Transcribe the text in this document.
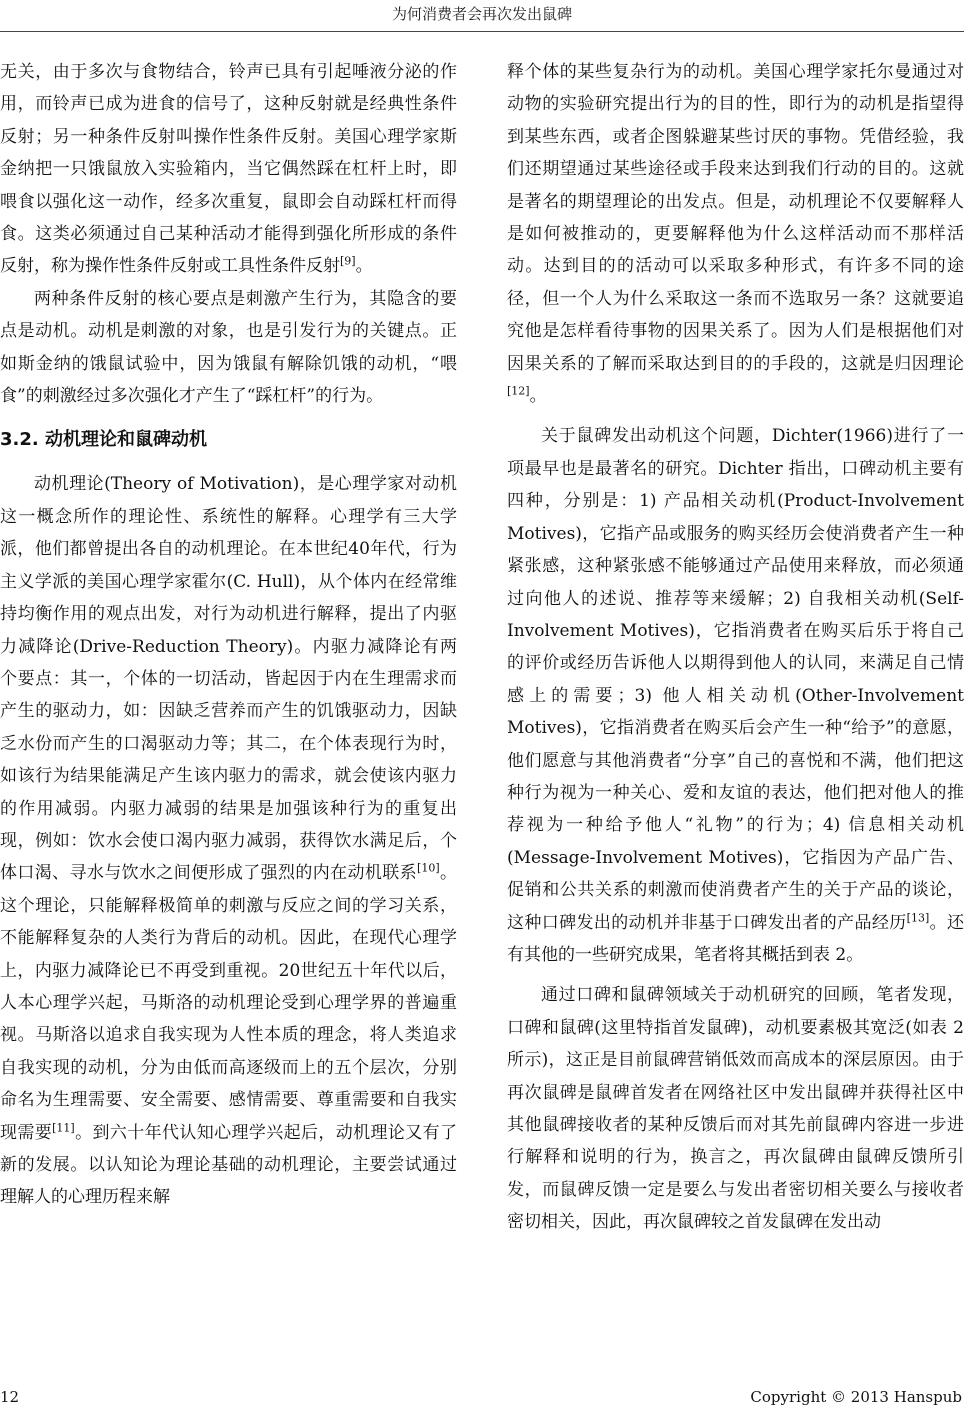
为何消费者会再次发出鼠碑

无关，由于多次与食物结合，铃声已具有引起唾液分泌的作用，而铃声已成为进食的信号了，这种反射就是经典性条件反射；另一种条件反射叫操作性条件反射。美国心理学家斯金纳把一只饿鼠放入实验箱内，当它偶然踩在杠杆上时，即喂食以强化这一动作，经多次重复，鼠即会自动踩杠杆而得食。这类必须通过自己某种活动才能得到强化所形成的条件反射，称为操作性条件反射或工具性条件反射[9]。

两种条件反射的核心要点是刺激产生行为，其隐含的要点是动机。动机是刺激的对象，也是引发行为的关键点。正如斯金纳的饿鼠试验中，因为饿鼠有解除饥饿的动机，“喂食”的刺激经过多次强化才产生了“踩杠杆”的行为。

3.2. 动机理论和鼠碑动机

动机理论(Theory of Motivation)，是心理学家对动机这一概念所作的理论性、系统性的解释。心理学有三大学派，他们都曾提出各自的动机理论。在本世纪40年代，行为主义学派的美国心理学家霍尔(C. Hull)，从个体内在经常维持均衡作用的观点出发，对行为动机进行解释，提出了内驱力减降论(Drive-Reduction Theory)。内驱力减降论有两个要点：其一，个体的一切活动，皆起因于内在生理需求而产生的驱动力，如：因缺乏营养而产生的饥饿驱动力，因缺乏水份而产生的口渴驱动力等；其二，在个体表现行为时，如该行为结果能满足产生该内驱力的需求，就会使该内驱力的作用减弱。内驱力减弱的结果是加强该种行为的重复出现，例如：饮水会使口渴内驱力减弱，获得饮水满足后，个体口渴、寻水与饮水之间便形成了强烈的内在动机联系[10]。这个理论，只能解释极简单的刺激与反应之间的学习关系，不能解释复杂的人类行为背后的动机。因此，在现代心理学上，内驱力减降论已不再受到重视。20世纪五十年代以后，人本心理学兴起，马斯洛的动机理论受到心理学界的普遍重视。马斯洛以追求自我实现为人性本质的理念，将人类追求自我实现的动机，分为由低而高逐级而上的五个层次，分别命名为生理需要、安全需要、感情需要、尊重需要和自我实现需要[11]。到六十年代认知心理学兴起后，动机理论又有了新的发展。以认知论为理论基础的动机理论，主要尝试通过理解人的心理历程来解

释个体的某些复杂行为的动机。美国心理学家托尔曼通过对动物的实验研究提出行为的目的性，即行为的动机是指望得到某些东西，或者企图躲避某些讨厌的事物。凭借经验，我们还期望通过某些途径或手段来达到我们行动的目的。这就是著名的期望理论的出发点。但是，动机理论不仅要解释人是如何被推动的，更要解释他为什么这样活动而不那样活动。达到目的的活动可以采取多种形式，有许多不同的途径，但一个人为什么采取这一条而不选取另一条？这就要追究他是怎样看待事物的因果关系了。因为人们是根据他们对因果关系的了解而采取达到目的的手段的，这就是归因理论[12]。

关于鼠碑发出动机这个问题，Dichter(1966)进行了一项最早也是最著名的研究。Dichter 指出，口碑动机主要有四种，分别是：1) 产品相关动机(Product-Involvement Motives)，它指产品或服务的购买经历会使消费者产生一种紧张感，这种紧张感不能够通过产品使用来释放，而必须通过向他人的述说、推荐等来缓解；2) 自我相关动机(Self-Involvement Motives)，它指消费者在购买后乐于将自己的评价或经历告诉他人以期得到他人的认同，来满足自己情感上的需要；3) 他人相关动机(Other-Involvement Motives)，它指消费者在购买后会产生一种“给予”的意愿，他们愿意与其他消费者“分享”自己的喜悦和不满，他们把这种行为视为一种关心、爱和友谊的表达，他们把对他人的推荐视为一种给予他人“礼物”的行为；4) 信息相关动机(Message-Involvement Motives)，它指因为产品广告、促销和公共关系的刺激而使消费者产生的关于产品的谈论，这种口碑发出的动机并非基于口碑发出者的产品经历[13]。还有其他的一些研究成果，笔者将其概括到表 2。

通过口碑和鼠碑领域关于动机研究的回顾，笔者发现，口碑和鼠碑(这里特指首发鼠碑)，动机要素极其宽泛(如表 2 所示)，这正是目前鼠碑营销低效而高成本的深层原因。由于再次鼠碑是鼠碑首发者在网络社区中发出鼠碑并获得社区中其他鼠碑接收者的某种反馈后而对其先前鼠碑内容进一步进行解释和说明的行为，换言之，再次鼠碑由鼠碑反馈所引发，而鼠碑反馈一定是要么与发出者密切相关要么与接收者密切相关，因此，再次鼠碑较之首发鼠碑在发出动

12	Copyright © 2013 Hanspub
